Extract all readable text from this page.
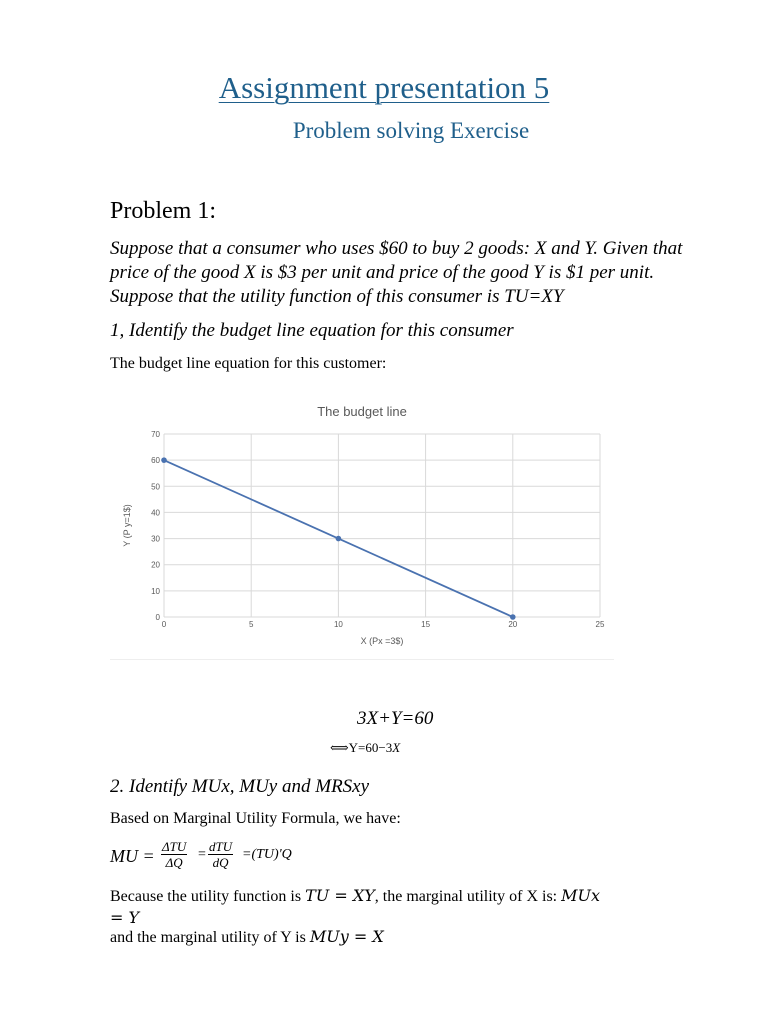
Assignment presentation 5
Problem solving Exercise
Problem 1:
Suppose that a consumer who uses $60 to buy 2 goods: X and Y. Given that price of the good X is $3 per unit and price of the good Y is $1 per unit. Suppose that the utility function of this consumer is TU=XY
1, Identify the budget line equation for this consumer
The budget line equation for this customer:
The budget line
0
10
20
30
40
50
60
70
0	5	10	15	20	25
X (Px =3$)
Y (P y=1$)
3X+Y=60
⟺Y=60−3X
2. Identify MUx, MUy and MRSxy
Based on Marginal Utility Formula, we have:
MU = ΔTU
ΔQ
=
dTU
dQ
=(TU)'Q
Because the utility function is TU = XY, the marginal utility of X is: MUx
= Y
and the marginal utility of Y is MUy = X
